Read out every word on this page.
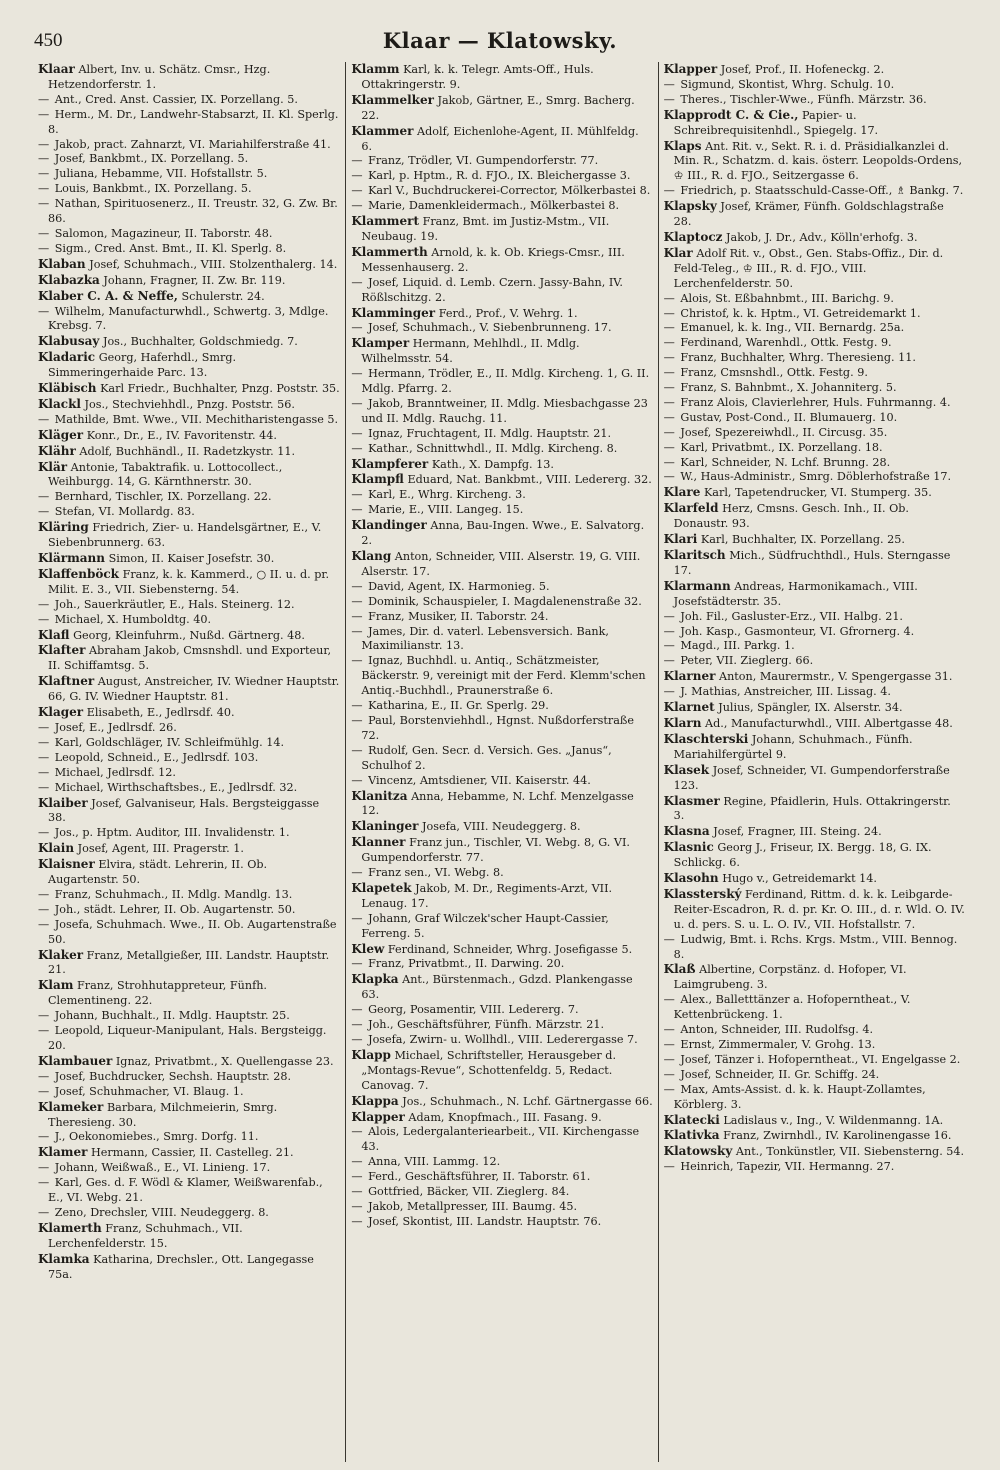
450	Klaar — Klatowsky.
Klaar Albert, Inv. u. Schätz. Cmsr., Hzg. Hetzendorferstr. 1.
— Ant., Cred. Anst. Cassier, IX. Porzellang. 5.
— Herm., M. Dr., Landwehr-Stabsarzt, II. Kl. Sperlg. 8.
— Jakob, pract. Zahnarzt, VI. Mariahilferstraße 41.
— Josef, Bankbmt., IX. Porzellang. 5.
— Juliana, Hebamme, VII. Hofstallstr. 5.
— Louis, Bankbmt., IX. Porzellang. 5.
— Nathan, Spirituosenerz., II. Treustr. 32, G. Zw. Br. 86.
— Salomon, Magazineur, II. Taborstr. 48.
— Sigm., Cred. Anst. Bmt., II. Kl. Sperlg. 8.
Klaban Josef, Schuhmach., VIII. Stolzenthalerg. 14.
Klabazka Johann, Fragner, II. Zw. Br. 119.
Klaber C. A. & Neffe, Schulerstr. 24.
— Wilhelm, Manufacturwhdl., Schwertg. 3, Mdlge. Krebsg. 7.
Klabusay Jos., Buchhalter, Goldschmiedg. 7.
Kladaric Georg, Haferhdl., Smrg. Simmeringerhaide Parc. 13.
Kläbisch Karl Friedr., Buchhalter, Pnzg. Poststr. 35.
Klackl Jos., Stechviehhdl., Pnzg. Poststr. 56.
— Mathilde, Bmt. Wwe., VII. Mechitharistengasse 5.
Kläger Konr., Dr., E., IV. Favoritenstr. 44.
Klähr Adolf, Buchhändl., II. Radetzkystr. 11.
Klär Antonie, Tabaktrafik. u. Lottocollect., Weihburgg. 14, G. Kärnthnerstr. 30.
— Bernhard, Tischler, IX. Porzellang. 22.
— Stefan, VI. Mollardg. 83.
Kläring Friedrich, Zier- u. Handelsgärtner, E., V. Siebenbrunnerg. 63.
Klärmann Simon, II. Kaiser Josefstr. 30.
Klaffenböck Franz, k. k. Kammerd., ○ II. u. d. pr. Milit. E. 3., VII. Siebensterng. 54.
— Joh., Sauerkräutler, E., Hals. Steinerg. 12.
— Michael, X. Humboldtg. 40.
Klafl Georg, Kleinfuhrm., Nußd. Gärtnerg. 48.
Klafter Abraham Jakob, Cmsnshdl. und Exporteur, II. Schiffamtsg. 5.
Klaftner August, Anstreicher, IV. Wiedner Hauptstr. 66, G. IV. Wiedner Hauptstr. 81.
Klager Elisabeth, E., Jedlrsdf. 40.
— Josef, E., Jedlrsdf. 26.
— Karl, Goldschläger, IV. Schleifmühlg. 14.
— Leopold, Schneid., E., Jedlrsdf. 103.
— Michael, Jedlrsdf. 12.
— Michael, Wirthschaftsbes., E., Jedlrsdf. 32.
Klaiber Josef, Galvaniseur, Hals. Bergsteiggasse 38.
— Jos., p. Hptm. Auditor, III. Invalidenstr. 1.
Klain Josef, Agent, III. Pragerstr. 1.
Klaisner Elvira, städt. Lehrerin, II. Ob. Augartenstr. 50.
— Franz, Schuhmach., II. Mdlg. Mandlg. 13.
— Joh., städt. Lehrer, II. Ob. Augartenstr. 50.
— Josefa, Schuhmach. Wwe., II. Ob. Augartenstraße 50.
Klaker Franz, Metallgießer, III. Landstr. Hauptstr. 21.
Klam Franz, Strohhutappreteur, Fünfh. Clementineng. 22.
— Johann, Buchhalt., II. Mdlg. Hauptstr. 25.
— Leopold, Liqueur-Manipulant, Hals. Bergsteigg. 20.
Klambauer Ignaz, Privatbmt., X. Quellengasse 23.
— Josef, Buchdrucker, Sechsh. Hauptstr. 28.
— Josef, Schuhmacher, VI. Blaug. 1.
Klameker Barbara, Milchmeierin, Smrg. Theresieng. 30.
— J., Oekonomiebes., Smrg. Dorfg. 11.
Klamer Hermann, Cassier, II. Castelleg. 21.
— Johann, Weißwaß., E., VI. Linieng. 17.
— Karl, Ges. d. F. Wödl & Klamer, Weißwarenfab., E., VI. Webg. 21.
— Zeno, Drechsler, VIII. Neudeggerg. 8.
Klamerth Franz, Schuhmach., VII. Lerchenfelderstr. 15.
Klamka Katharina, Drechsler., Ott. Langegasse 75a.
Klamm Karl, k. k. Telegr. Amts-Off., Huls. Ottakringerstr. 9.
Klammelker Jakob, Gärtner, E., Smrg. Bacherg. 22.
Klammer Adolf, Eichenlohe-Agent, II. Mühlfeldg. 6.
— Franz, Trödler, VI. Gumpendorferstr. 77.
— Karl, p. Hptm., R. d. FJO., IX. Bleichergasse 3.
— Karl V., Buchdruckerei-Corrector, Mölkerbastei 8.
— Marie, Damenkleidermach., Mölkerbastei 8.
Klammert Franz, Bmt. im Justiz-Mstm., VII. Neubaug. 19.
Klammerth Arnold, k. k. Ob. Kriegs-Cmsr., III. Messenhauserg. 2.
— Josef, Liquid. d. Lemb. Czern. Jassy-Bahn, IV. Rößlschitzg. 2.
Klamminger Ferd., Prof., V. Wehrg. 1.
— Josef, Schuhmach., V. Siebenbrunneng. 17.
Klamper Hermann, Mehlhdl., II. Mdlg. Wilhelmsstr. 54.
— Hermann, Trödler, E., II. Mdlg. Kircheng. 1, G. II. Mdlg. Pfarrg. 2.
— Jakob, Branntweiner, II. Mdlg. Miesbachgasse 23 und II. Mdlg. Rauchg. 11.
— Ignaz, Fruchtagent, II. Mdlg. Hauptstr. 21.
— Kathar., Schnittwhdl., II. Mdlg. Kircheng. 8.
Klampferer Kath., X. Dampfg. 13.
Klampfl Eduard, Nat. Bankbmt., VIII. Ledererg. 32.
— Karl, E., Whrg. Kircheng. 3.
— Marie, E., VIII. Langeg. 15.
Klandinger Anna, Bau-Ingen. Wwe., E. Salvatorg. 2.
Klang Anton, Schneider, VIII. Alserstr. 19, G. VIII. Alserstr. 17.
— David, Agent, IX. Harmonieg. 5.
— Dominik, Schauspieler, I. Magdalenenstraße 32.
— Franz, Musiker, II. Taborstr. 24.
— James, Dir. d. vaterl. Lebensversich. Bank, Maximilianstr. 13.
— Ignaz, Buchhdl. u. Antiq., Schätzmeister, Bäckerstr. 9, vereinigt mit der Ferd. Klemm'schen Antiq.-Buchhdl., Praunerstraße 6.
— Katharina, E., II. Gr. Sperlg. 29.
— Paul, Borstenviehhdl., Hgnst. Nußdorferstraße 72.
— Rudolf, Gen. Secr. d. Versich. Ges. „Janus“, Schulhof 2.
— Vincenz, Amtsdiener, VII. Kaiserstr. 44.
Klanitza Anna, Hebamme, N. Lchf. Menzelgasse 12.
Klaninger Josefa, VIII. Neudeggerg. 8.
Klanner Franz jun., Tischler, VI. Webg. 8, G. VI. Gumpendorferstr. 77.
— Franz sen., VI. Webg. 8.
Klapetek Jakob, M. Dr., Regiments-Arzt, VII. Lenaug. 17.
— Johann, Graf Wilczek'scher Haupt-Cassier, Ferreng. 5.
Klew Ferdinand, Schneider, Whrg. Josefigasse 5.
— Franz, Privatbmt., II. Darwing. 20.
Klapka Ant., Bürstenmach., Gdzd. Plankengasse 63.
— Georg, Posamentir, VIII. Ledererg. 7.
— Joh., Geschäftsführer, Fünfh. Märzstr. 21.
— Josefa, Zwirn- u. Wollhdl., VIII. Lederergasse 7.
Klapp Michael, Schriftsteller, Herausgeber d. „Montags-Revue“, Schottenfeldg. 5, Redact. Canovag. 7.
Klappa Jos., Schuhmach., N. Lchf. Gärtnergasse 66.
Klapper Adam, Knopfmach., III. Fasang. 9.
— Alois, Ledergalanteriearbeit., VII. Kirchengasse 43.
— Anna, VIII. Lammg. 12.
— Ferd., Geschäftsführer, II. Taborstr. 61.
— Gottfried, Bäcker, VII. Zieglerg. 84.
— Jakob, Metallpresser, III. Baumg. 45.
— Josef, Skontist, III. Landstr. Hauptstr. 76.
Klapper Josef, Prof., II. Hofeneckg. 2.
— Sigmund, Skontist, Whrg. Schulg. 10.
— Theres., Tischler-Wwe., Fünfh. Märzstr. 36.
Klapprodt C. & Cie., Papier- u. Schreibrequisitenhdl., Spiegelg. 17.
Klaps Ant. Rit. v., Sekt. R. i. d. Präsidialkanzlei d. Min. R., Schatzm. d. kais. österr. Leopolds-Ordens, ♔ III., R. d. FJO., Seitzergasse 6.
— Friedrich, p. Staatsschuld-Casse-Off., ♗ Bankg. 7.
Klapsky Josef, Krämer, Fünfh. Goldschlagstraße 28.
Klaptocz Jakob, J. Dr., Adv., Kölln'erhofg. 3.
Klar Adolf Rit. v., Obst., Gen. Stabs-Offiz., Dir. d. Feld-Teleg., ♔ III., R. d. FJO., VIII. Lerchenfelderstr. 50.
— Alois, St. Eßbahnbmt., III. Barichg. 9.
— Christof, k. k. Hptm., VI. Getreidemarkt 1.
— Emanuel, k. k. Ing., VII. Bernardg. 25a.
— Ferdinand, Warenhdl., Ottk. Festg. 9.
— Franz, Buchhalter, Whrg. Theresieng. 11.
— Franz, Cmsnshdl., Ottk. Festg. 9.
— Franz, S. Bahnbmt., X. Johanniterg. 5.
— Franz Alois, Clavierlehrer, Huls. Fuhrmanng. 4.
— Gustav, Post-Cond., II. Blumauerg. 10.
— Josef, Spezereiwhdl., II. Circusg. 35.
— Karl, Privatbmt., IX. Porzellang. 18.
— Karl, Schneider, N. Lchf. Brunng. 28.
— W., Haus-Administr., Smrg. Döblerhofstraße 17.
Klare Karl, Tapetendrucker, VI. Stumperg. 35.
Klarfeld Herz, Cmsns. Gesch. Inh., II. Ob. Donaustr. 93.
Klari Karl, Buchhalter, IX. Porzellang. 25.
Klaritsch Mich., Südfruchthdl., Huls. Sterngasse 17.
Klarmann Andreas, Harmonikamach., VIII. Josefstädterstr. 35.
— Joh. Fil., Gasluster-Erz., VII. Halbg. 21.
— Joh. Kasp., Gasmonteur, VI. Gfrornerg. 4.
— Magd., III. Parkg. 1.
— Peter, VII. Zieglerg. 66.
Klarner Anton, Maurermstr., V. Spengergasse 31.
— J. Mathias, Anstreicher, III. Lissag. 4.
Klarnet Julius, Spängler, IX. Alserstr. 34.
Klarn Ad., Manufacturwhdl., VIII. Albertgasse 48.
Klaschterski Johann, Schuhmach., Fünfh. Mariahilfergürtel 9.
Klasek Josef, Schneider, VI. Gumpendorferstraße 123.
Klasmer Regine, Pfaidlerin, Huls. Ottakringerstr. 3.
Klasna Josef, Fragner, III. Steing. 24.
Klasnic Georg J., Friseur, IX. Bergg. 18, G. IX. Schlickg. 6.
Klasohn Hugo v., Getreidemarkt 14.
Klassterský Ferdinand, Rittm. d. k. k. Leibgarde-Reiter-Escadron, R. d. pr. Kr. O. III., d. r. Wld. O. IV. u. d. pers. S. u. L. O. IV., VII. Hofstallstr. 7.
— Ludwig, Bmt. i. Rchs. Krgs. Mstm., VIII. Bennog. 8.
Klaß Albertine, Corpstänz. d. Hofoper, VI. Laimgrubeng. 3.
— Alex., Balletttänzer a. Hofoperntheat., V. Kettenbrückeng. 1.
— Anton, Schneider, III. Rudolfsg. 4.
— Ernst, Zimmermaler, V. Grohg. 13.
— Josef, Tänzer i. Hofoperntheat., VI. Engelgasse 2.
— Josef, Schneider, II. Gr. Schiffg. 24.
— Max, Amts-Assist. d. k. k. Haupt-Zollamtes, Körblerg. 3.
Klatecki Ladislaus v., Ing., V. Wildenmanng. 1A.
Klativka Franz, Zwirnhdl., IV. Karolinengasse 16.
Klatowsky Ant., Tonkünstler, VII. Siebensterng. 54.
— Heinrich, Tapezir, VII. Hermanng. 27.
